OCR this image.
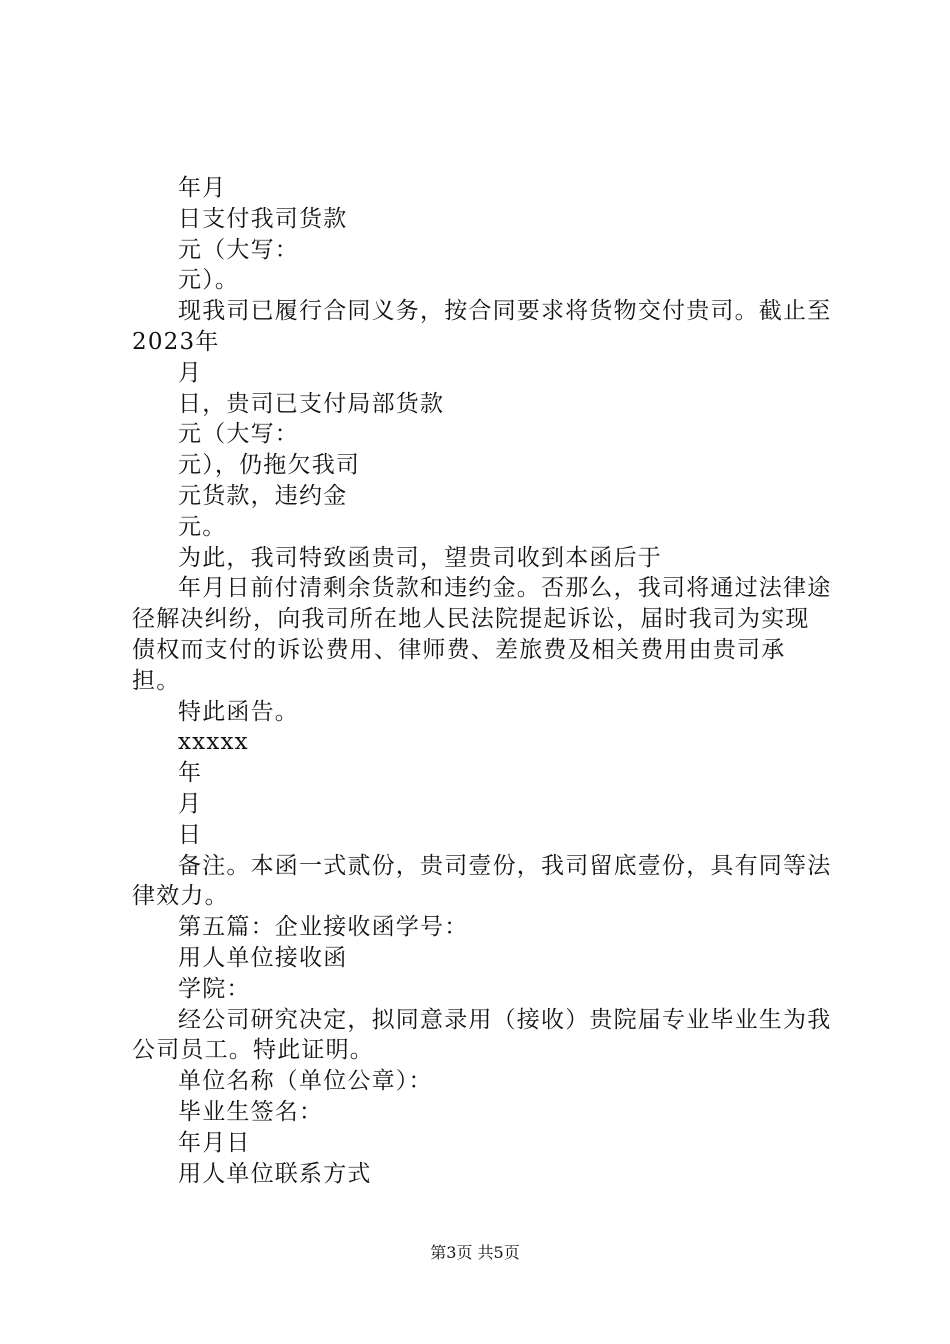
年月

日支付我司货款

元（大写：

元）。

现我司已履行合同义务，按合同要求将货物交付贵司。截止至2023年

月

日，贵司已支付局部货款

元（大写：

元），仍拖欠我司

元货款，违约金

元。

为此，我司特致函贵司，望贵司收到本函后于

年月日前付清剩余货款和违约金。否那么，我司将通过法律途径解决纠纷，向我司所在地人民法院提起诉讼，届时我司为实现债权而支付的诉讼费用、律师费、差旅费及相关费用由贵司承担。

特此函告。

xxxxx

年

月

日

备注。本函一式贰份，贵司壹份，我司留底壹份，具有同等法律效力。

第五篇：企业接收函学号：

用人单位接收函

学院：

经公司研究决定，拟同意录用（接收）贵院届专业毕业生为我公司员工。特此证明。

单位名称（单位公章）：

毕业生签名：

年月日

用人单位联系方式

第3页 共5页
